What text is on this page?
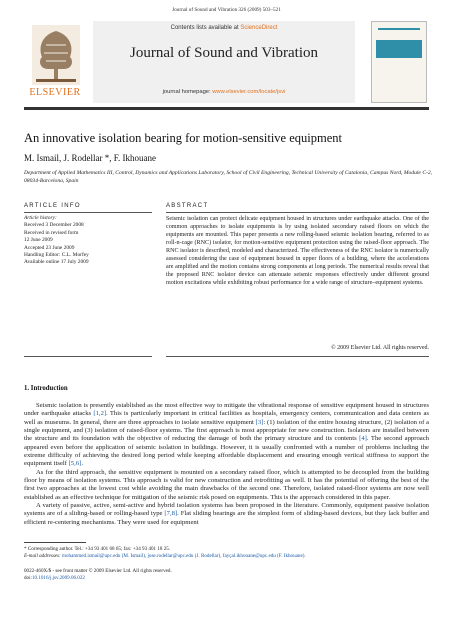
Journal of Sound and Vibration 326 (2009) 503–521
ELSEVIER
Contents lists available at ScienceDirect
Journal of Sound and Vibration
journal homepage: www.elsevier.com/locate/jsvi
An innovative isolation bearing for motion-sensitive equipment
M. Ismail, J. Rodellar *, F. Ikhouane
Department of Applied Mathematics III, Control, Dynamics and Applications Laboratory, School of Civil Engineering, Technical University of Catalonia, Campus Nord, Module C-2, 08034-Barcelona, Spain
ARTICLE INFO	ABSTRACT
Article history:
Received 3 December 2008
Received in revised form
12 June 2009
Accepted 23 June 2009
Handling Editor: C.L. Morfey
Available online 17 July 2009
Seismic isolation can protect delicate equipment housed in structures under earthquake attacks. One of the common approaches to isolate equipments is by using isolated secondary raised floors on which the equipments are mounted. This paper presents a new rolling-based seismic isolation bearing, referred to as roll-n-cage (RNC) isolator, for motion-sensitive equipment protection using the raised-floor approach. The RNC isolator is described, modeled and characterized. The effectiveness of the RNC isolator is numerically assessed considering the case of equipment housed in upper floors of a building, where the accelerations are amplified and the motion contains strong components at long periods. The numerical results reveal that the proposed RNC isolator device can attenuate seismic responses effectively under different ground motion excitations while exhibiting robust performance for a wide range of structure–equipment systems.
© 2009 Elsevier Ltd. All rights reserved.
1. Introduction

Seismic isolation is presently established as the most effective way to mitigate the vibrational response of sensitive equipment housed in structures under earthquake attacks [1,2]. This is particularly important in critical facilities as hospitals, emergency centers, communication and data centers as well as museums. In general, there are three approaches to isolate sensitive equipment [3]: (1) isolation of the entire housing structure, (2) isolation of a single equipment, and (3) isolation of raised-floor systems. The first approach is most appropriate for new construction. Isolators are installed between the structure and its foundation with the objective of reducing the damage of both the primary structure and its contents [4]. The second approach appeared even before the application of seismic isolation in buildings. However, it is usually confronted with a number of problems including the extreme difficulty of achieving the desired long period while keeping affordable displacement and ensuring enough vertical stiffness to support the equipment itself [5,6].

As for the third approach, the sensitive equipment is mounted on a secondary raised floor, which is attempted to be decoupled from the building floor by means of isolation systems. This approach is valid for new construction and retrofitting as well. It has the potential of offering the best of the first two approaches at the lowest cost while avoiding the main drawbacks of the second one. Therefore, isolated raised-floor systems are now well established as an effective technique for mitigation of the seismic risk posed on equipments. This is the approach considered in this paper.

A variety of passive, active, semi-active and hybrid isolation systems has been proposed in the literature. Commonly, equipment passive isolation systems are of a sliding-based or rolling-based type [7,8]. Flat sliding bearings are the simplest form of sliding-based devices, but they lack buffer and efficient re-centering mechanisms. They were used for equipment

* Corresponding author. Tel.: +34 93 401 68 65; fax: +34 93 401 18 25.
E-mail addresses: mohammed.ismail@upc.edu (M. Ismail), jose.rodellar@upc.edu (J. Rodellar), fayçal.ikhouane@upc.edu (F. Ikhouane).
0022-460X/$ - see front matter © 2009 Elsevier Ltd. All rights reserved.
doi:10.1016/j.jsv.2009.06.022
